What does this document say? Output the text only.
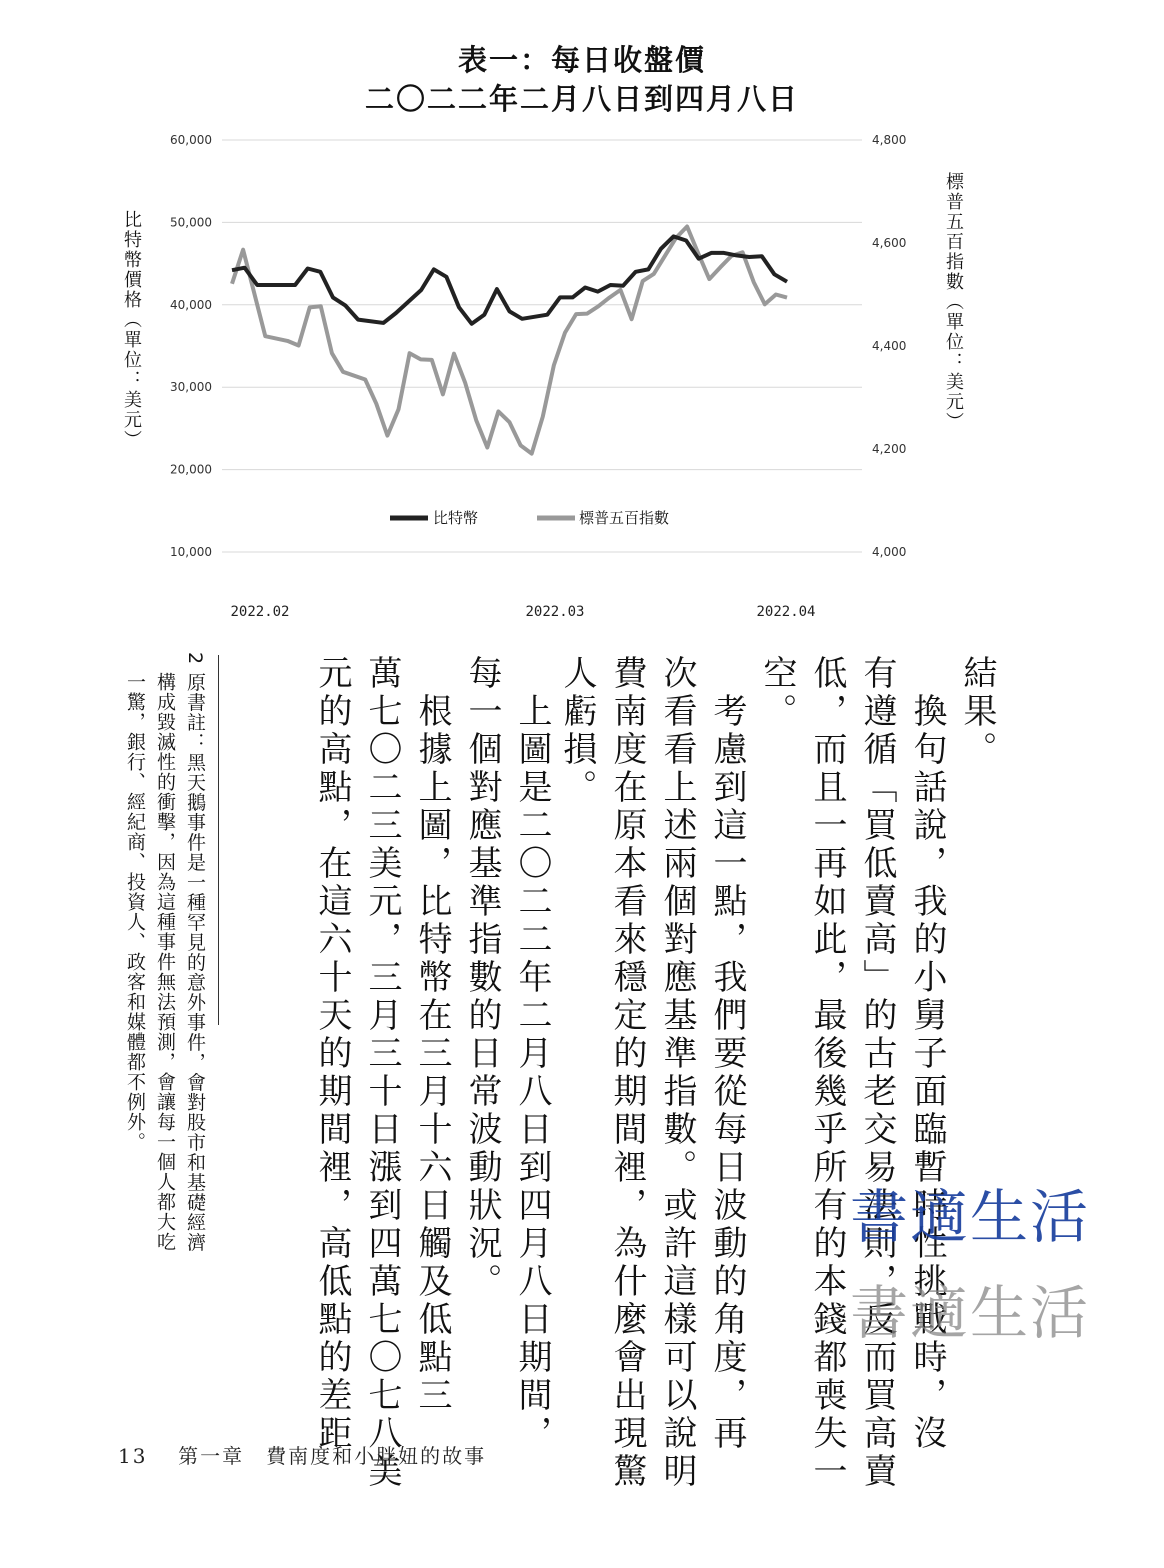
表一：每日收盤價
二〇二二年二月八日到四月八日
10,000
20,000
30,000
40,000
50,000
60,000
4,000
4,200
4,400
4,600
4,800
2022.02	2022.03	2022.04
比特幣	標普五百指數
比特幣價格（單位：美元）	標普五百指數（單位：美元）
結果。
　換句話說，我的小舅子面臨暫時性挑戰時，沒
有遵循「買低賣高」的古老交易法則，反而買高賣
低，而且一再如此，最後幾乎所有的本錢都喪失一
空。
　考慮到這一點，我們要從每日波動的角度，再
次看看上述兩個對應基準指數。或許這樣可以說明
費南度在原本看來穩定的期間裡，為什麼會出現驚
人虧損。
　上圖是二〇二二年二月八日到四月八日期間，
每一個對應基準指數的日常波動狀況。
　根據上圖，比特幣在三月十六日觸及低點三
萬七〇二三美元，三月三十日漲到四萬七〇七八美
元的高點，在這六十天的期間裡，高低點的差距
2 原書註：黑天鵝事件是一種罕見的意外事件，會對股市和基礎經濟
　構成毀滅性的衝擊，因為這種事件無法預測，會讓每一個人都大吃
　一驚，銀行、經紀商、投資人、政客和媒體都不例外。
書適生活
書適生活
13 第一章　費南度和小胖妞的故事
